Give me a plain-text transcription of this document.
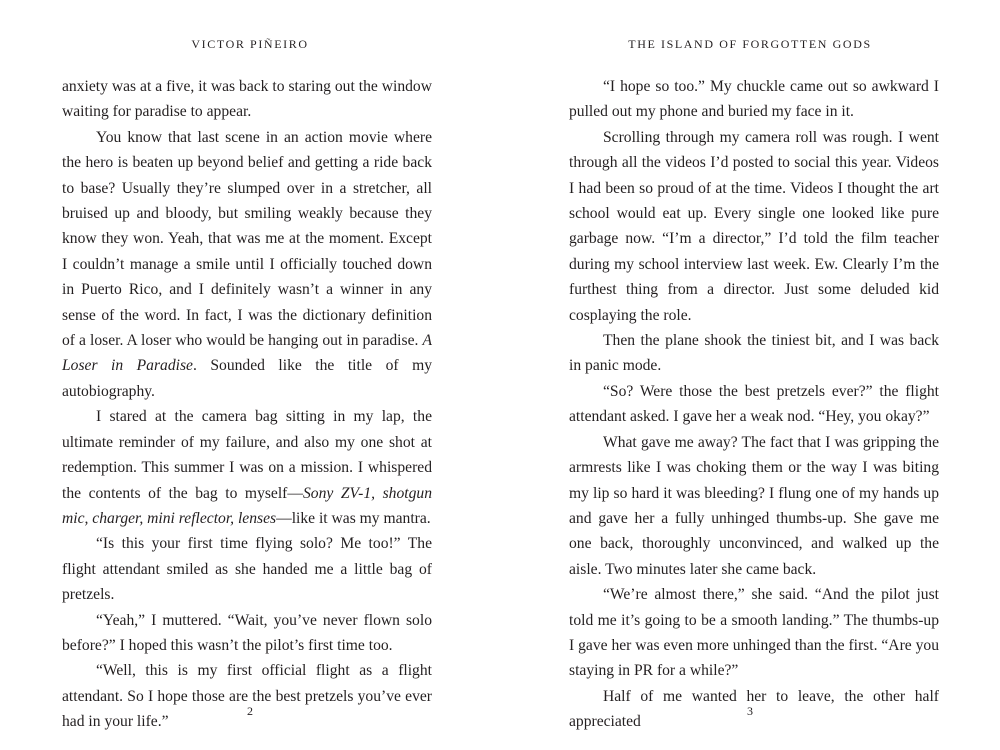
VICTOR PIÑEIRO

anxiety was at a five, it was back to staring out the window waiting for paradise to appear.

You know that last scene in an action movie where the hero is beaten up beyond belief and getting a ride back to base? Usually they’re slumped over in a stretcher, all bruised up and bloody, but smiling weakly because they know they won. Yeah, that was me at the moment. Except I couldn’t manage a smile until I officially touched down in Puerto Rico, and I definitely wasn’t a winner in any sense of the word. In fact, I was the dictionary definition of a loser. A loser who would be hanging out in paradise. A Loser in Paradise. Sounded like the title of my autobiography.

I stared at the camera bag sitting in my lap, the ultimate reminder of my failure, and also my one shot at redemption. This summer I was on a mission. I whispered the contents of the bag to myself—Sony ZV-1, shotgun mic, charger, mini reflector, lenses—like it was my mantra.

“Is this your first time flying solo? Me too!” The flight attendant smiled as she handed me a little bag of pretzels.

“Yeah,” I muttered. “Wait, you’ve never flown solo before?” I hoped this wasn’t the pilot’s first time too.

“Well, this is my first official flight as a flight attendant. So I hope those are the best pretzels you’ve ever had in your life.”

2
THE ISLAND OF FORGOTTEN GODS

“I hope so too.” My chuckle came out so awkward I pulled out my phone and buried my face in it.

Scrolling through my camera roll was rough. I went through all the videos I’d posted to social this year. Videos I had been so proud of at the time. Videos I thought the art school would eat up. Every single one looked like pure garbage now. “I’m a director,” I’d told the film teacher during my school interview last week. Ew. Clearly I’m the furthest thing from a director. Just some deluded kid cosplaying the role.

Then the plane shook the tiniest bit, and I was back in panic mode.

“So? Were those the best pretzels ever?” the flight attendant asked. I gave her a weak nod. “Hey, you okay?”

What gave me away? The fact that I was gripping the armrests like I was choking them or the way I was biting my lip so hard it was bleeding? I flung one of my hands up and gave her a fully unhinged thumbs-up. She gave me one back, thoroughly unconvinced, and walked up the aisle. Two minutes later she came back.

“We’re almost there,” she said. “And the pilot just told me it’s going to be a smooth landing.” The thumbs-up I gave her was even more unhinged than the first. “Are you staying in PR for a while?”

Half of me wanted her to leave, the other half appreciated

3
